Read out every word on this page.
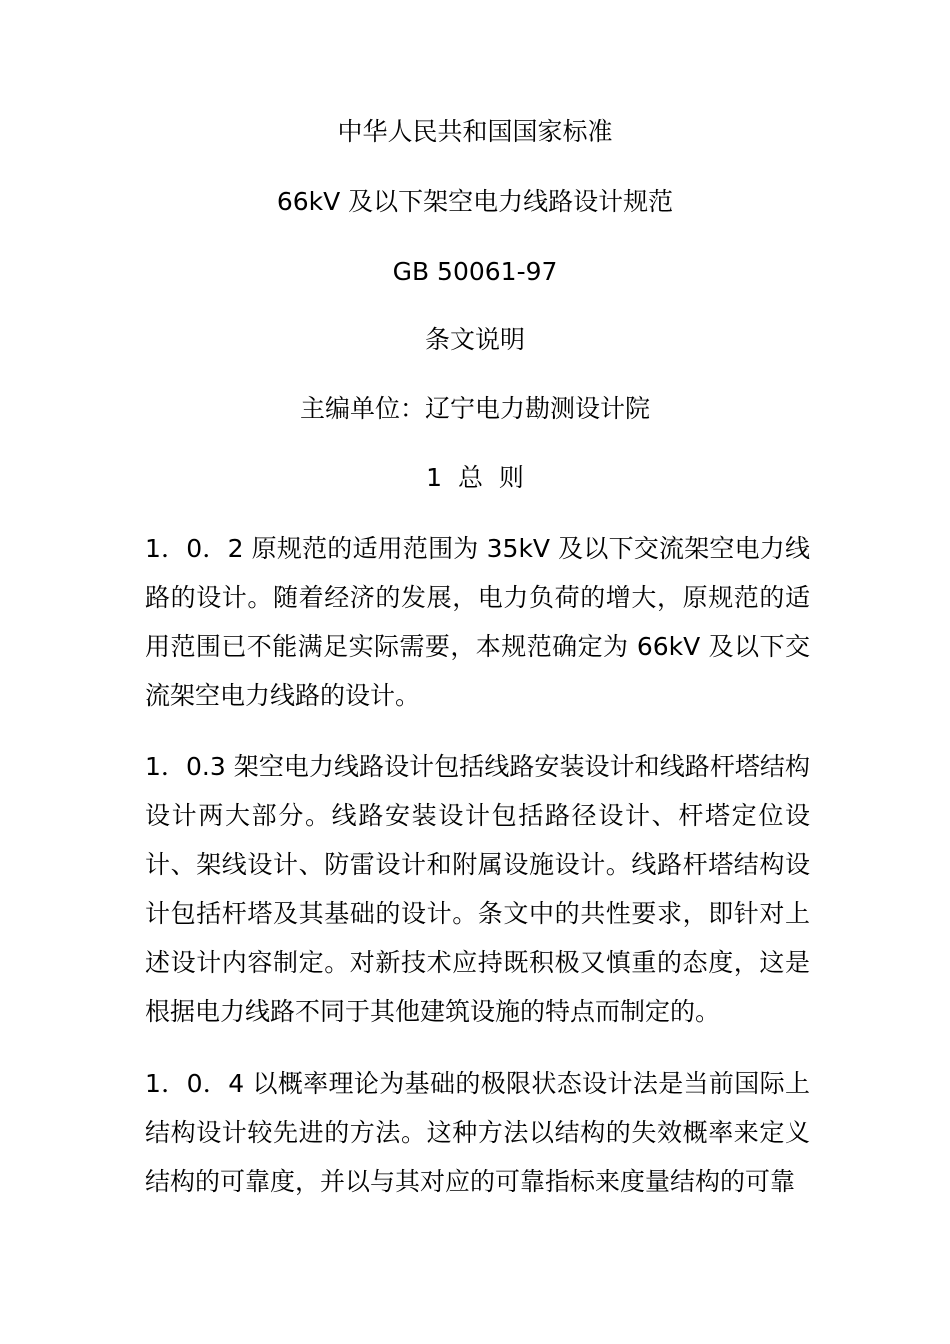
中华人民共和国国家标准
66kV 及以下架空电力线路设计规范
GB 50061-97
条文说明
主编单位：辽宁电力勘测设计院
1  总  则
1．0．2 原规范的适用范围为 35kV 及以下交流架空电力线路的设计。随着经济的发展，电力负荷的增大，原规范的适用范围已不能满足实际需要，本规范确定为 66kV 及以下交流架空电力线路的设计。
1．0.3 架空电力线路设计包括线路安装设计和线路杆塔结构设计两大部分。线路安装设计包括路径设计、杆塔定位设计、架线设计、防雷设计和附属设施设计。线路杆塔结构设计包括杆塔及其基础的设计。条文中的共性要求，即针对上述设计内容制定。对新技术应持既积极又慎重的态度，这是根据电力线路不同于其他建筑设施的特点而制定的。
1．0．4 以概率理论为基础的极限状态设计法是当前国际上结构设计较先进的方法。这种方法以结构的失效概率来定义结构的可靠度，并以与其对应的可靠指标来度量结构的可靠
